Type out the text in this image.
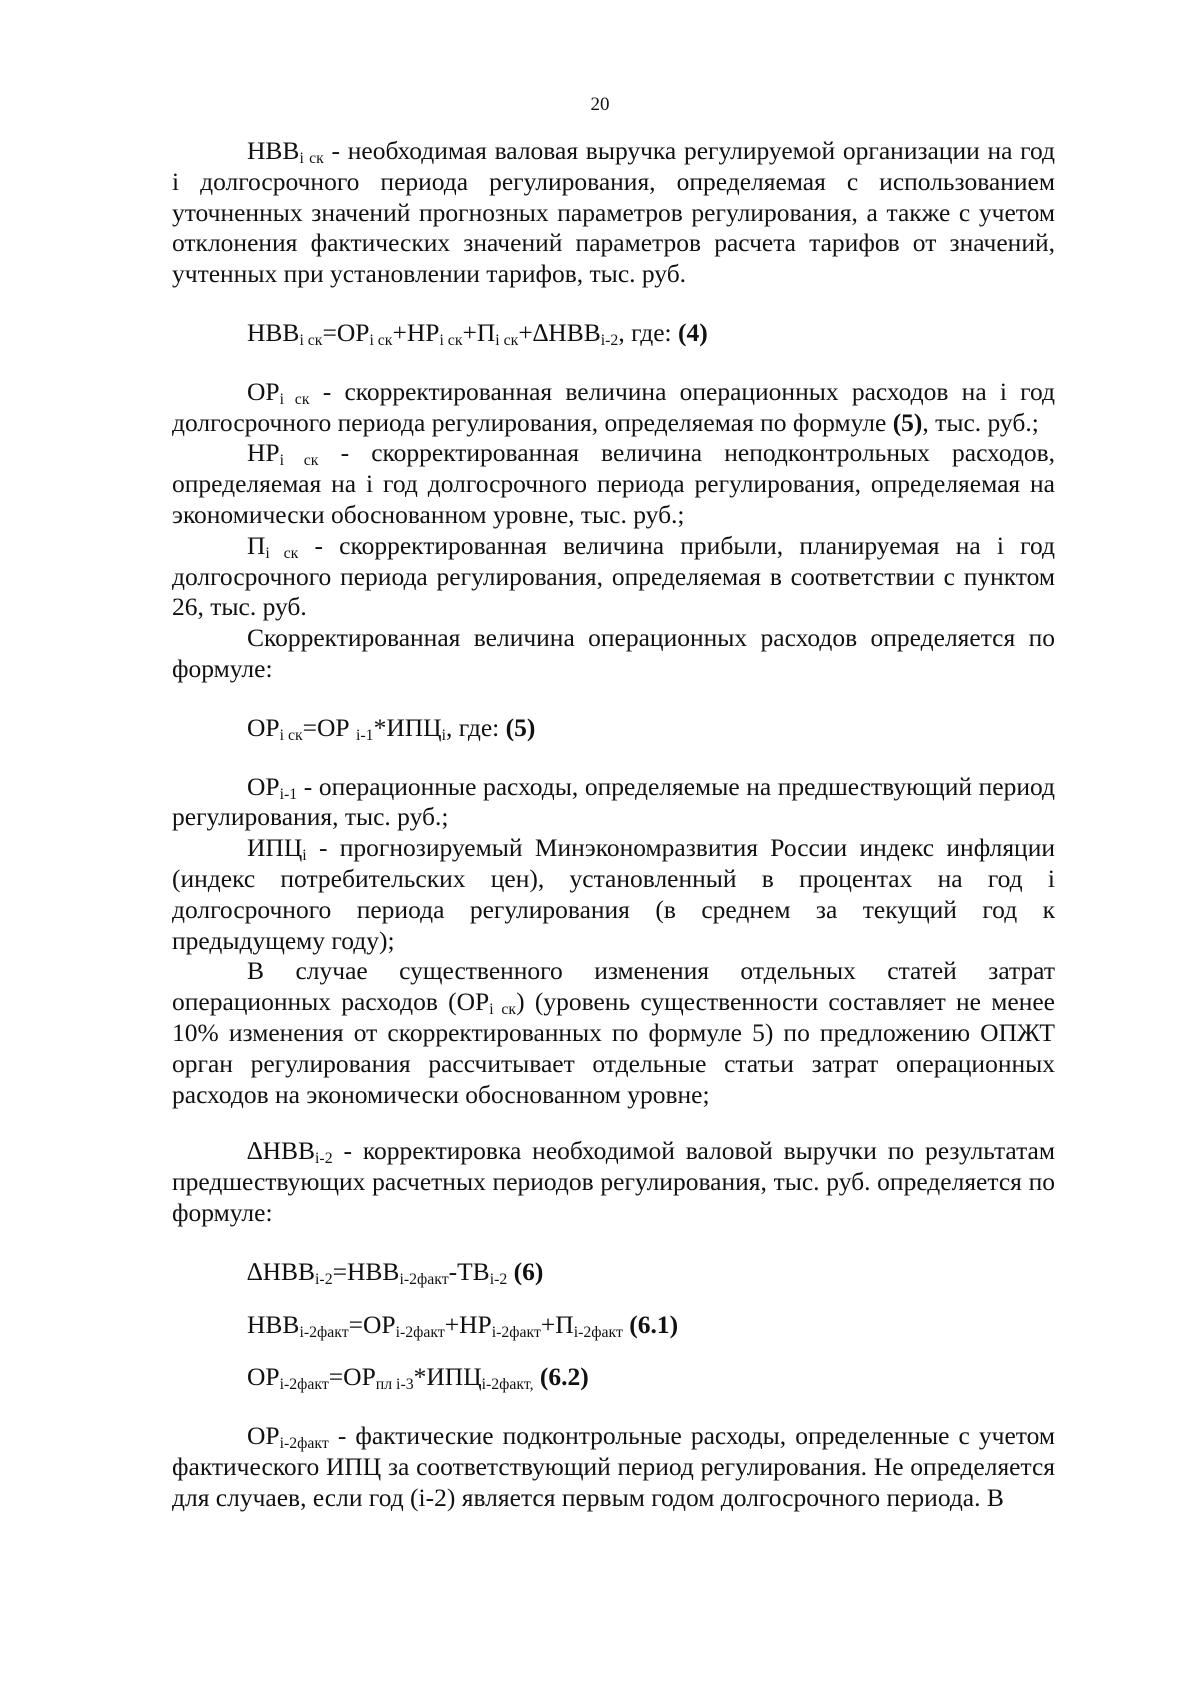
20

$НВВ_{i ск}$ - необходимая валовая выручка регулируемой организации на год i долгосрочного периода регулирования, определяемая с использованием уточненных значений прогнозных параметров регулирования, а также с учетом отклонения фактических значений параметров расчета тарифов от значений, учтенных при установлении тарифов, тыс. руб.

$НВВ_{i ск}=ОР_{i ск}+НР_{i ск}+П_{i ск}+\Delta НВВ_{i-2}$, где: (4)

$ОР_{i ск}$ - скорректированная величина операционных расходов на i год долгосрочного периода регулирования, определяемая по формуле (5), тыс. руб.;

$НР_{i ск}$ - скорректированная величина неподконтрольных расходов, определяемая на i год долгосрочного периода регулирования, определяемая на экономически обоснованном уровне, тыс. руб.;

$П_{i ск}$ - скорректированная величина прибыли, планируемая на i год долгосрочного периода регулирования, определяемая в соответствии с пунктом 26, тыс. руб.

Скорректированная величина операционных расходов определяется по формуле:

$ОР_{i ск}=ОР$ $_{i-1}*ИПЦ_i$, где: (5)

$ОР_{i-1}$ - операционные расходы, определяемые на предшествующий период регулирования, тыс. руб.;

$ИПЦ_i$ - прогнозируемый Минэкономразвития России индекс инфляции (индекс потребительских цен), установленный в процентах на год i долгосрочного периода регулирования (в среднем за текущий год к предыдущему году);

В случае существенного изменения отдельных статей затрат операционных расходов $(ОР_{i ск})$ (уровень существенности составляет не менее 10% изменения от скорректированных по формуле 5) по предложению ОПЖТ орган регулирования рассчитывает отдельные статьи затрат операционных расходов на экономически обоснованном уровне;

$\Delta НВВ_{i-2}$ - корректировка необходимой валовой выручки по результатам предшествующих расчетных периодов регулирования, тыс. руб. определяется по формуле:

$\Delta НВВ_{i-2}=НВВ_{i-2факт}-ТВ_{i-2}$ (6)

$НВВ_{i-2факт}=ОР_{i-2факт}+НР_{i-2факт}+П_{i-2факт}$ (6.1)

$ОР_{i-2факт}=ОР_{пл i-3}*ИПЦ_{i-2факт,}$ (6.2)

$ОР_{i-2факт}$ - фактические подконтрольные расходы, определенные с учетом фактического ИПЦ за соответствующий период регулирования. Не определяется для случаев, если год (i-2) является первым годом долгосрочного периода. В
